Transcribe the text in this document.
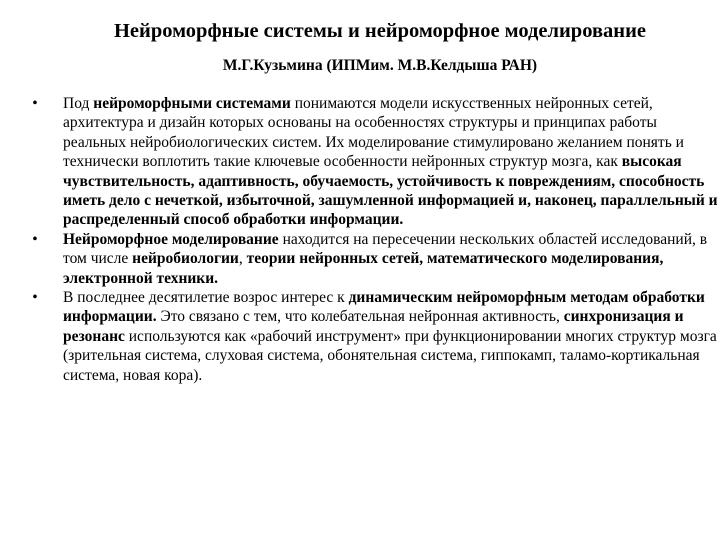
Нейроморфные системы и нейроморфное моделирование

М.Г.Кузьмина (ИПМим. М.В.Келдыша РАН)

• Под нейроморфными системами понимаются модели искусственных нейронных сетей, архитектура и дизайн которых основаны на особенностях структуры и принципах работы реальных нейробиологических систем. Их моделирование стимулировано желанием понять и технически воплотить такие ключевые особенности нейронных структур мозга, как высокая чувствительность, адаптивность, обучаемость, устойчивость к повреждениям, способность иметь дело с нечеткой, избыточной, зашумленной информацией и, наконец, параллельный и распределенный способ обработки информации.
• Нейроморфное моделирование находится на пересечении нескольких областей исследований, в том числе нейробиологии, теории нейронных сетей, математического моделирования, электронной техники.
• В последнее десятилетие возрос интерес к динамическим нейроморфным методам обработки информации. Это связано с тем, что колебательная нейронная активность, синхронизация и резонанс используются как «рабочий инструмент» при функционировании многих структур мозга (зрительная система, слуховая система, обонятельная система, гиппокамп, таламо-кортикальная система, новая кора).
